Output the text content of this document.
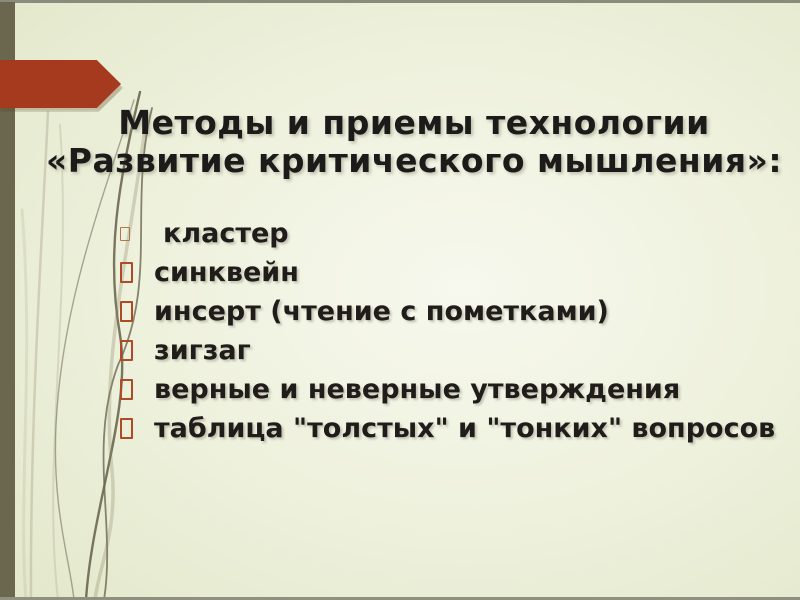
Методы и приемы технологии
«Развитие критического мышления»:
кластер
синквейн
инсерт (чтение с пометками)
зигзаг
верные и неверные утверждения
таблица "толстых" и "тонких" вопросов
